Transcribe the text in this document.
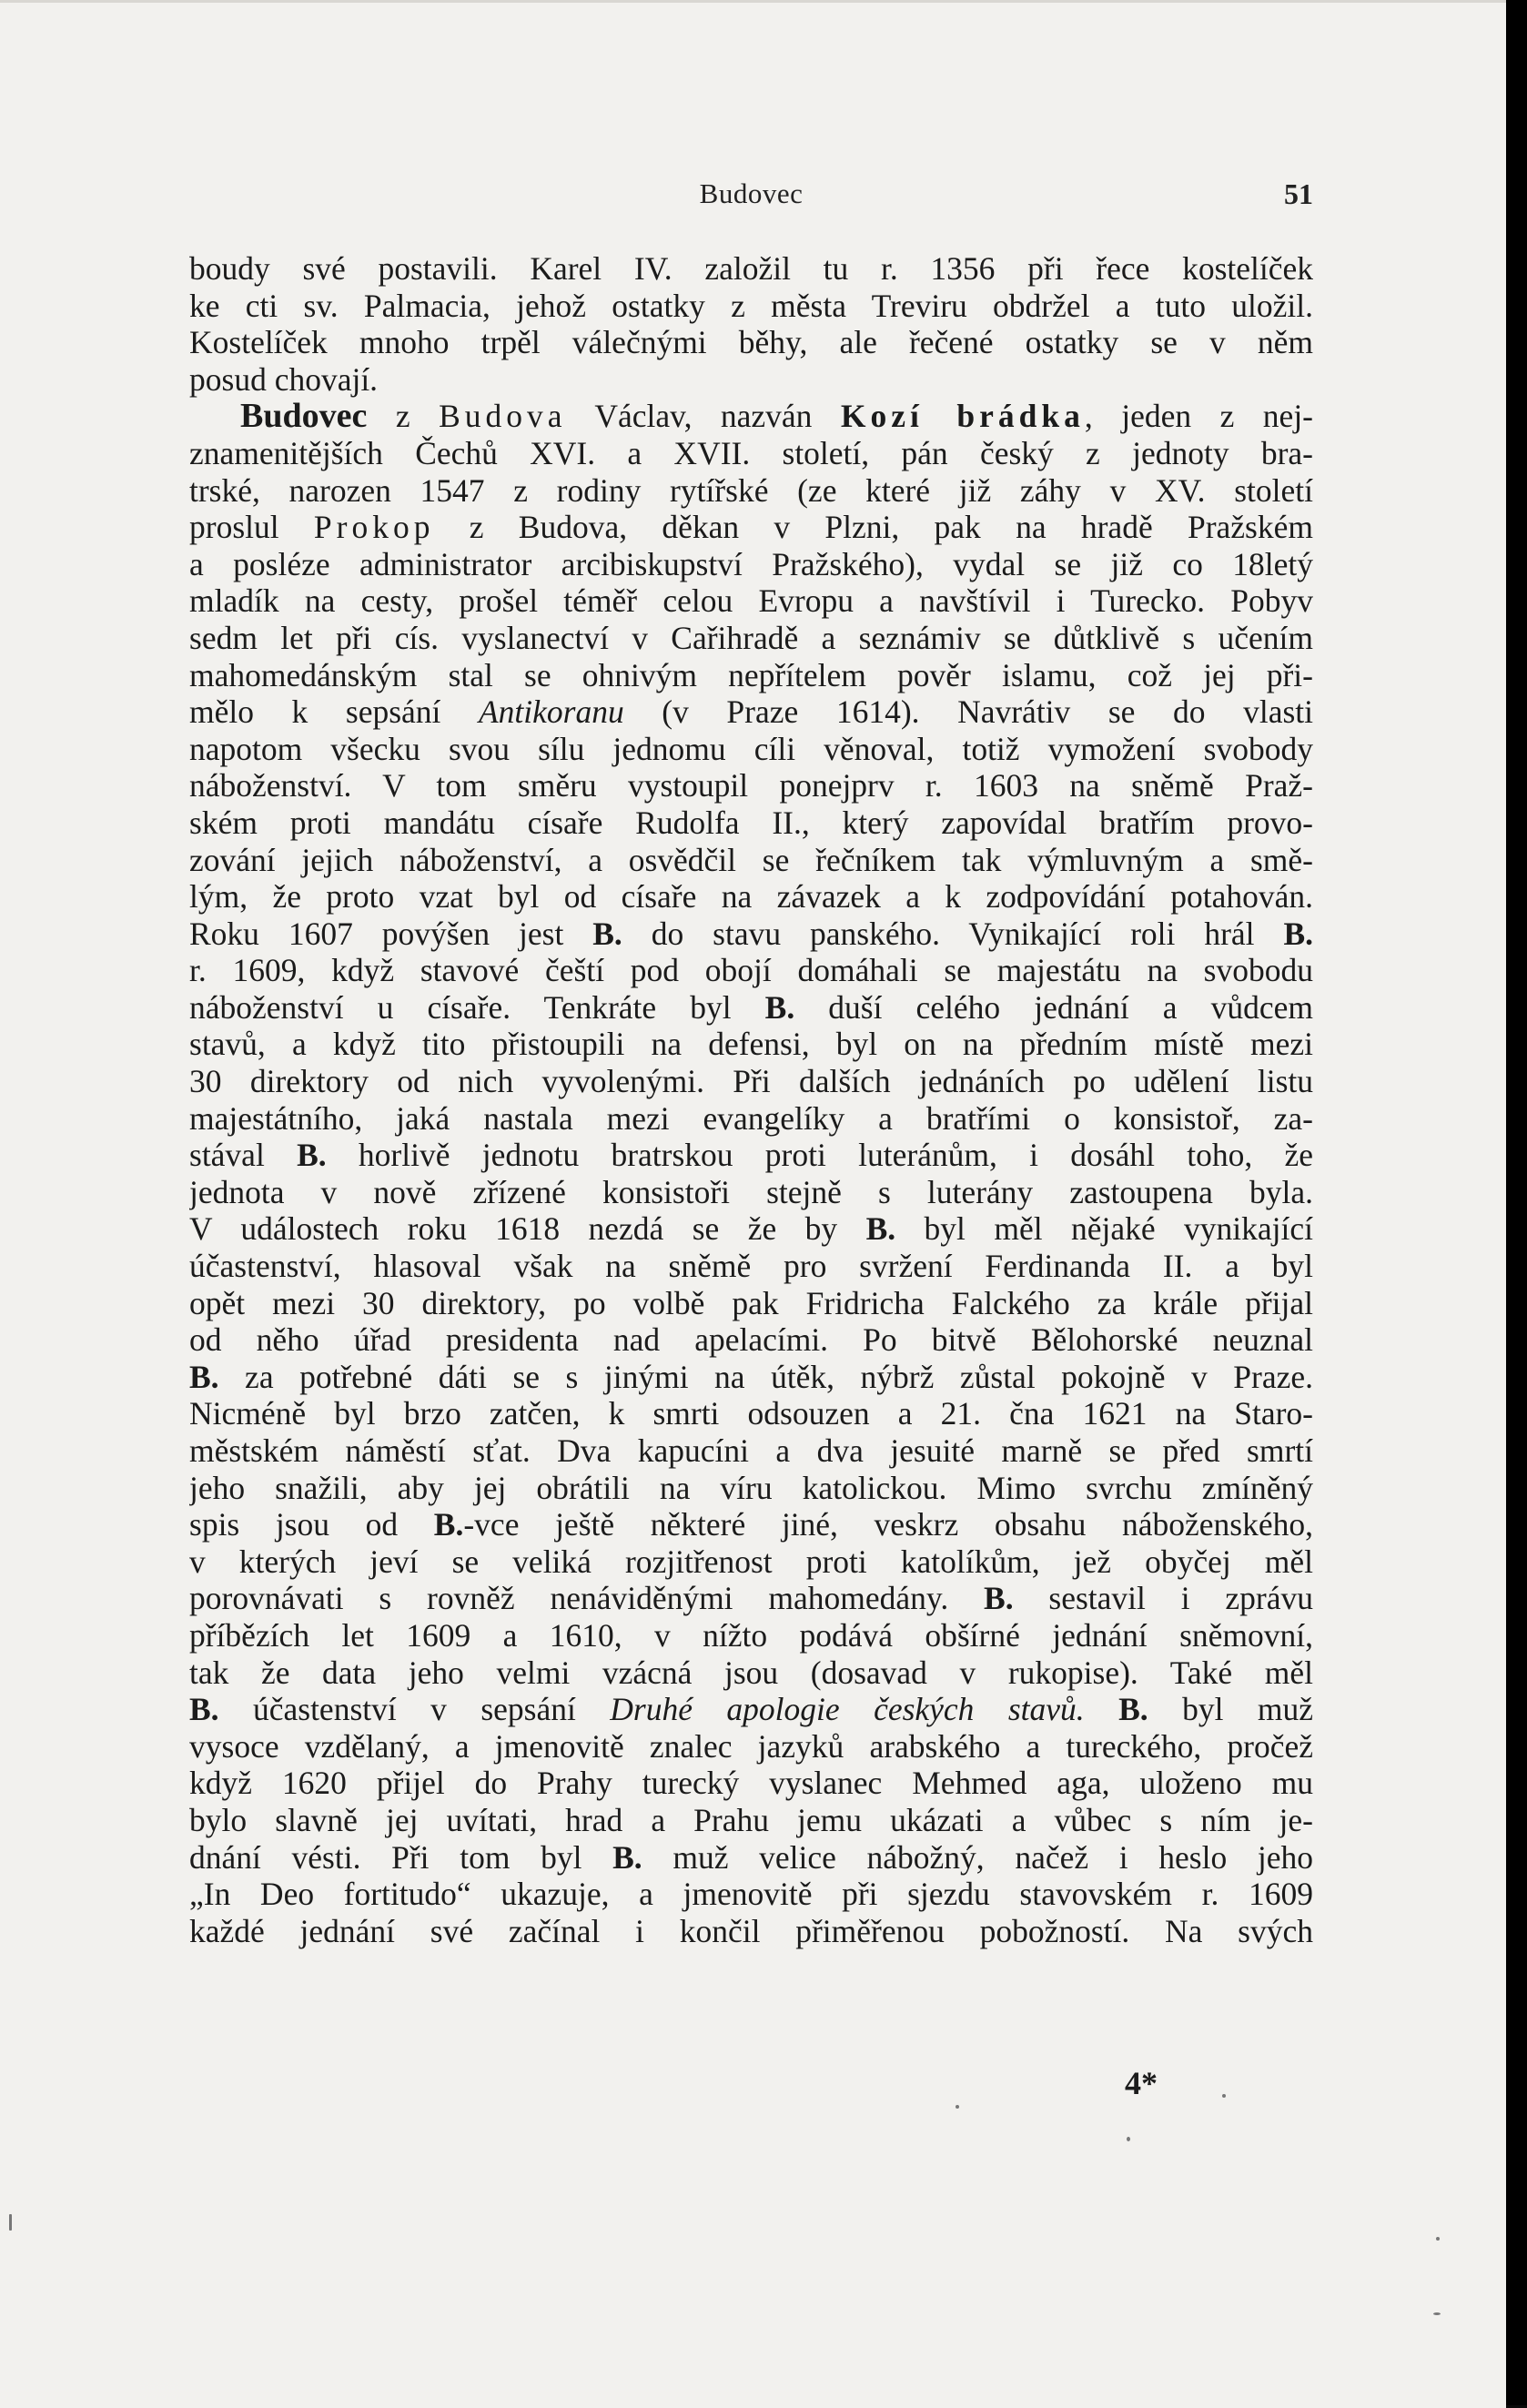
Budovec	51
boudy své postavili. Karel IV. založil tu r. 1356 při řece kostelíček
ke cti sv. Palmacia, jehož ostatky z města Treviru obdržel a tuto uložil.
Kostelíček mnoho trpěl válečnými běhy, ale řečené ostatky se v něm
posud chovají.
Budovec z Budova Václav, nazván Kozí brádka, jeden z nej-
znamenitějších Čechů XVI. a XVII. století, pán český z jednoty bra-
trské, narozen 1547 z rodiny rytířské (ze které již záhy v XV. století
proslul Prokop z Budova, děkan v Plzni, pak na hradě Pražském
a posléze administrator arcibiskupství Pražského), vydal se již co 18letý
mladík na cesty, prošel téměř celou Evropu a navštívil i Turecko. Pobyv
sedm let při cís. vyslanectví v Cařihradě a seznámiv se důtklivě s učením
mahomedánským stal se ohnivým nepřítelem pověr islamu, což jej při-
mělo k sepsání Antikoranu (v Praze 1614). Navrátiv se do vlasti
napotom všecku svou sílu jednomu cíli věnoval, totiž vymožení svobody
náboženství. V tom směru vystoupil ponejprv r. 1603 na sněmě Praž-
ském proti mandátu císaře Rudolfa II., který zapovídal bratřím provo-
zování jejich náboženství, a osvědčil se řečníkem tak výmluvným a smě-
lým, že proto vzat byl od císaře na závazek a k zodpovídání potahován.
Roku 1607 povýšen jest B. do stavu panského. Vynikající roli hrál B.
r. 1609, když stavové čeští pod obojí domáhali se majestátu na svobodu
náboženství u císaře. Tenkráte byl B. duší celého jednání a vůdcem
stavů, a když tito přistoupili na defensi, byl on na předním místě mezi
30 direktory od nich vyvolenými. Při dalších jednáních po udělení listu
majestátního, jaká nastala mezi evangelíky a bratřími o konsistoř, za-
stával B. horlivě jednotu bratrskou proti luteránům, i dosáhl toho, že
jednota v nově zřízené konsistoři stejně s luterány zastoupena byla.
V událostech roku 1618 nezdá se že by B. byl měl nějaké vynikající
účastenství, hlasoval však na sněmě pro svržení Ferdinanda II. a byl
opět mezi 30 direktory, po volbě pak Fridricha Falckého za krále přijal
od něho úřad presidenta nad apelacími. Po bitvě Bělohorské neuznal
B. za potřebné dáti se s jinými na útěk, nýbrž zůstal pokojně v Praze.
Nicméně byl brzo zatčen, k smrti odsouzen a 21. čna 1621 na Staro-
městském náměstí sťat. Dva kapucíni a dva jesuité marně se před smrtí
jeho snažili, aby jej obrátili na víru katolickou. Mimo svrchu zmíněný
spis jsou od B.-vce ještě některé jiné, veskrz obsahu náboženského,
v kterých jeví se veliká rozjitřenost proti katolíkům, jež obyčej měl
porovnávati s rovněž nenáviděnými mahomedány. B. sestavil i zprávu
příbězích let 1609 a 1610, v nížto podává obšírné jednání sněmovní,
tak že data jeho velmi vzácná jsou (dosavad v rukopise). Také měl
B. účastenství v sepsání Druhé apologie českých stavů. B. byl muž
vysoce vzdělaný, a jmenovitě znalec jazyků arabského a tureckého, pročež
když 1620 přijel do Prahy turecký vyslanec Mehmed aga, uloženo mu
bylo slavně jej uvítati, hrad a Prahu jemu ukázati a vůbec s ním je-
dnání vésti. Při tom byl B. muž velice nábožný, načež i heslo jeho
„In Deo fortitudo“ ukazuje, a jmenovitě při sjezdu stavovském r. 1609
každé jednání své začínal i končil přiměřenou pobožností. Na svých
4*
